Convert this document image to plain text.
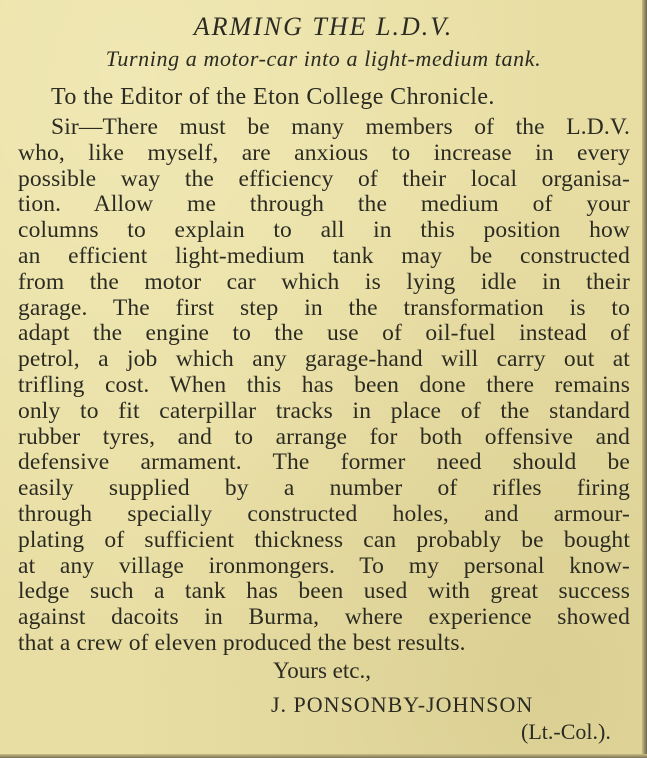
ARMING THE L.D.V.

Turning a motor-car into a light-medium tank.

To the Editor of the Eton College Chronicle.

Sir—There must be many members of the L.D.V.
who, like myself, are anxious to increase in every
possible way the efficiency of their local organisa-
tion. Allow me through the medium of your
columns to explain to all in this position how
an efficient light-medium tank may be constructed
from the motor car which is lying idle in their
garage. The first step in the transformation is to
adapt the engine to the use of oil-fuel instead of
petrol, a job which any garage-hand will carry out at
trifling cost. When this has been done there remains
only to fit caterpillar tracks in place of the standard
rubber tyres, and to arrange for both offensive and
defensive armament. The former need should be
easily supplied by a number of rifles firing
through specially constructed holes, and armour-
plating of sufficient thickness can probably be bought
at any village ironmongers. To my personal know-
ledge such a tank has been used with great success
against dacoits in Burma, where experience showed
that a crew of eleven produced the best results.

Yours etc.,

J. PONSONBY-JOHNSON

(Lt.-Col.).
